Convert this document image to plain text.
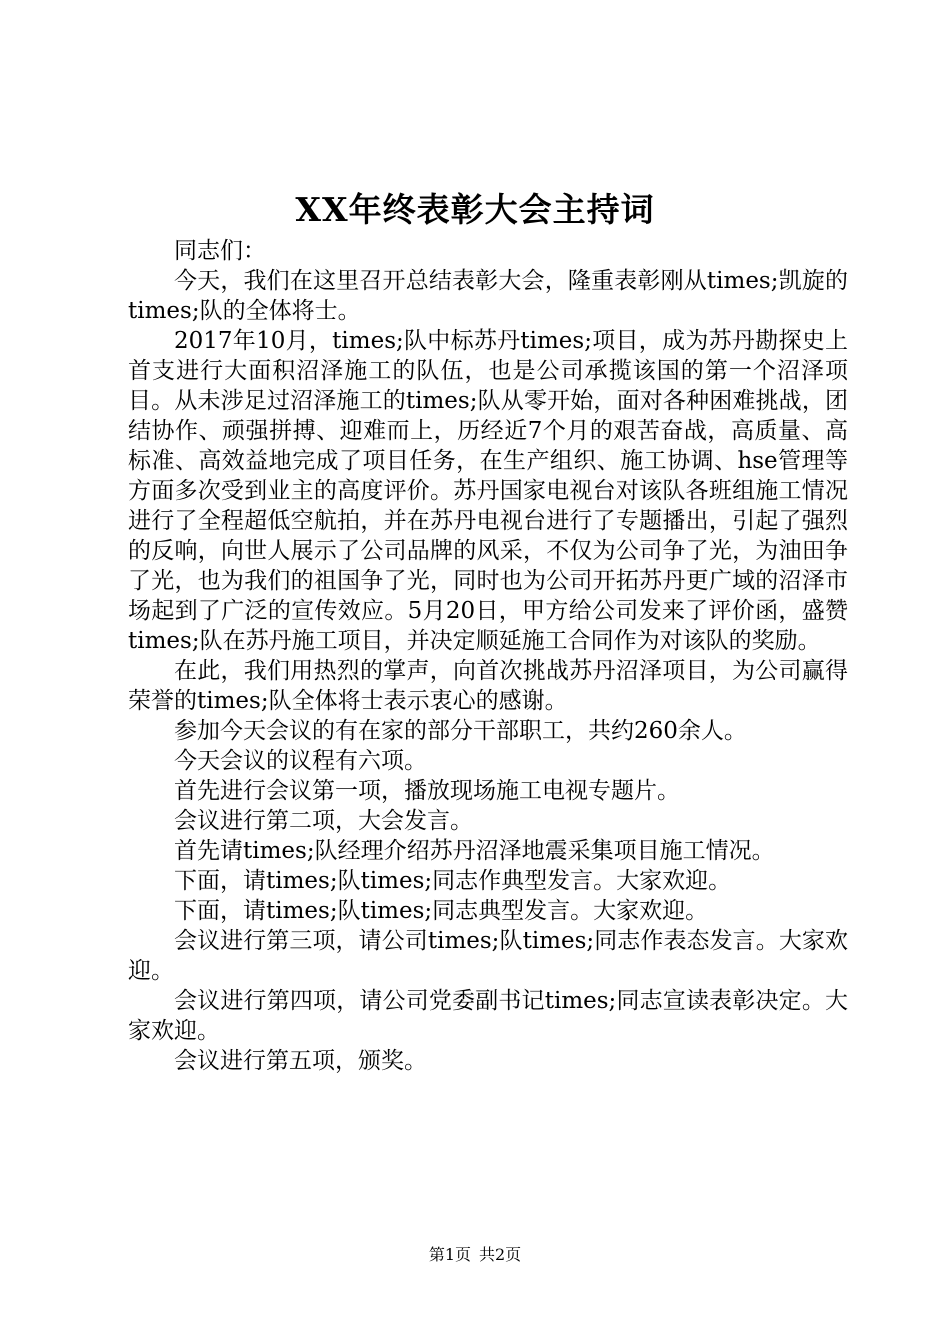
XX年终表彰大会主持词

同志们：

今天，我们在这里召开总结表彰大会，隆重表彰刚从times;凯旋的times;队的全体将士。

2017年10月，times;队中标苏丹times;项目，成为苏丹勘探史上首支进行大面积沼泽施工的队伍，也是公司承揽该国的第一个沼泽项目。从未涉足过沼泽施工的times;队从零开始，面对各种困难挑战，团结协作、顽强拼搏、迎难而上，历经近7个月的艰苦奋战，高质量、高标准、高效益地完成了项目任务，在生产组织、施工协调、hse管理等方面多次受到业主的高度评价。苏丹国家电视台对该队各班组施工情况进行了全程超低空航拍，并在苏丹电视台进行了专题播出，引起了强烈的反响，向世人展示了公司品牌的风采，不仅为公司争了光，为油田争了光，也为我们的祖国争了光，同时也为公司开拓苏丹更广域的沼泽市场起到了广泛的宣传效应。5月20日，甲方给公司发来了评价函，盛赞times;队在苏丹施工项目，并决定顺延施工合同作为对该队的奖励。

在此，我们用热烈的掌声，向首次挑战苏丹沼泽项目，为公司赢得荣誉的times;队全体将士表示衷心的感谢。

参加今天会议的有在家的部分干部职工，共约260余人。

今天会议的议程有六项。

首先进行会议第一项，播放现场施工电视专题片。

会议进行第二项，大会发言。

首先请times;队经理介绍苏丹沼泽地震采集项目施工情况。

下面，请times;队times;同志作典型发言。大家欢迎。

下面，请times;队times;同志典型发言。大家欢迎。

会议进行第三项，请公司times;队times;同志作表态发言。大家欢迎。

会议进行第四项，请公司党委副书记times;同志宣读表彰决定。大家欢迎。

会议进行第五项，颁奖。

第1页 共2页
